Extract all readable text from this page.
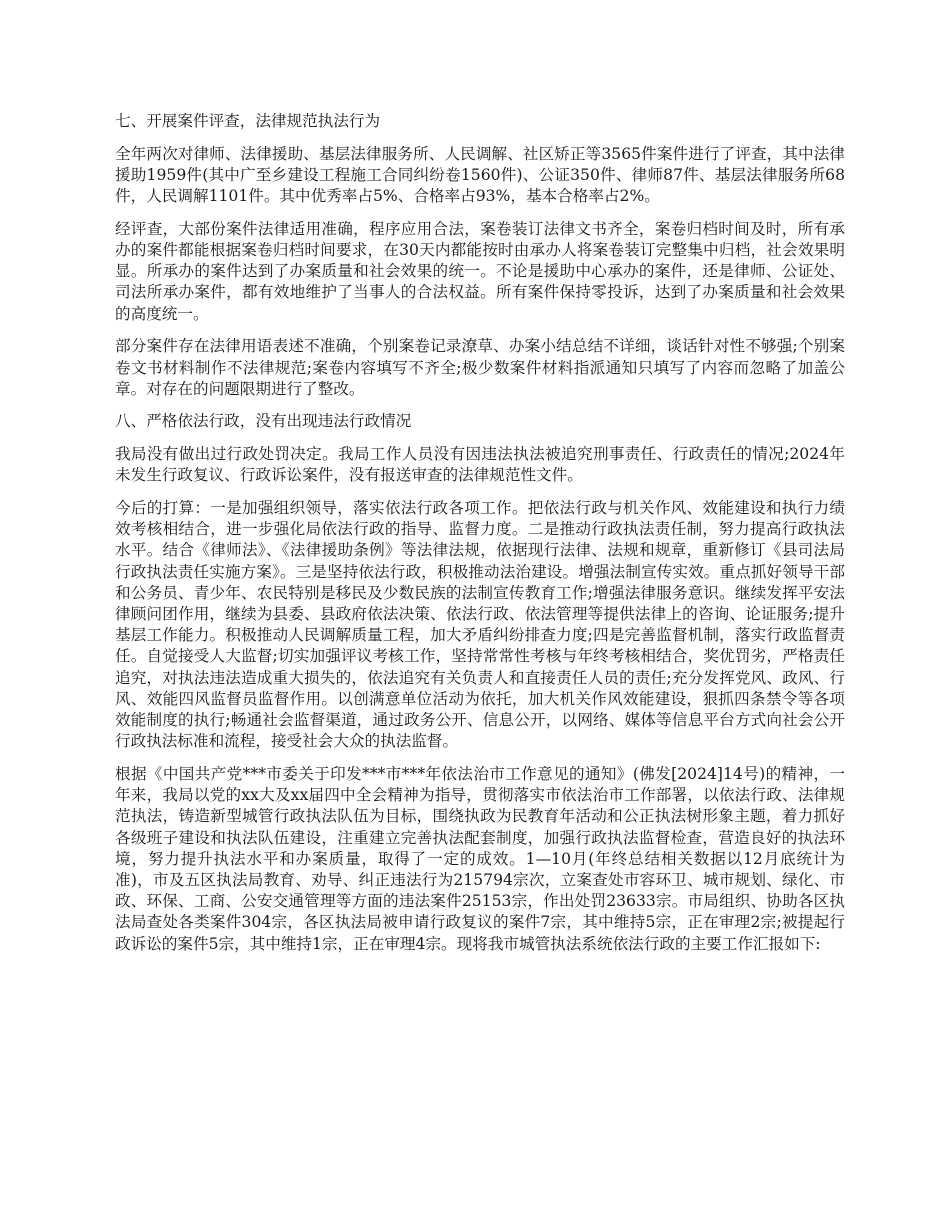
七、开展案件评查，法律规范执法行为
全年两次对律师、法律援助、基层法律服务所、人民调解、社区矫正等3565件案件进行了评查，其中法律援助1959件(其中广至乡建设工程施工合同纠纷卷1560件)、公证350件、律师87件、基层法律服务所68件，人民调解1101件。其中优秀率占5%、合格率占93%，基本合格率占2%。
经评查，大部份案件法律适用准确，程序应用合法，案卷装订法律文书齐全，案卷归档时间及时，所有承办的案件都能根据案卷归档时间要求，在30天内都能按时由承办人将案卷装订完整集中归档，社会效果明显。所承办的案件达到了办案质量和社会效果的统一。不论是援助中心承办的案件，还是律师、公证处、司法所承办案件，都有效地维护了当事人的合法权益。所有案件保持零投诉，达到了办案质量和社会效果的高度统一。
部分案件存在法律用语表述不准确，个别案卷记录潦草、办案小结总结不详细，谈话针对性不够强;个别案卷文书材料制作不法律规范;案卷内容填写不齐全;极少数案件材料指派通知只填写了内容而忽略了加盖公章。对存在的问题限期进行了整改。
八、严格依法行政，没有出现违法行政情况
我局没有做出过行政处罚决定。我局工作人员没有因违法执法被追究刑事责任、行政责任的情况;2024年未发生行政复议、行政诉讼案件，没有报送审查的法律规范性文件。
今后的打算：一是加强组织领导，落实依法行政各项工作。把依法行政与机关作风、效能建设和执行力绩效考核相结合，进一步强化局依法行政的指导、监督力度。二是推动行政执法责任制，努力提高行政执法水平。结合《律师法》、《法律援助条例》等法律法规，依据现行法律、法规和规章，重新修订《县司法局行政执法责任实施方案》。三是坚持依法行政，积极推动法治建设。增强法制宣传实效。重点抓好领导干部和公务员、青少年、农民特别是移民及少数民族的法制宣传教育工作;增强法律服务意识。继续发挥平安法律顾问团作用，继续为县委、县政府依法决策、依法行政、依法管理等提供法律上的咨询、论证服务;提升基层工作能力。积极推动人民调解质量工程，加大矛盾纠纷排查力度;四是完善监督机制，落实行政监督责任。自觉接受人大监督;切实加强评议考核工作，坚持常常性考核与年终考核相结合，奖优罚劣，严格责任追究，对执法违法造成重大损失的，依法追究有关负责人和直接责任人员的责任;充分发挥党风、政风、行风、效能四风监督员监督作用。以创满意单位活动为依托，加大机关作风效能建设，狠抓四条禁令等各项效能制度的执行;畅通社会监督渠道，通过政务公开、信息公开，以网络、媒体等信息平台方式向社会公开行政执法标准和流程，接受社会大众的执法监督。
根据《中国共产党***市委关于印发***市***年依法治市工作意见的通知》(佛发[2024]14号)的精神，一年来，我局以党的xx大及xx届四中全会精神为指导，贯彻落实市依法治市工作部署，以依法行政、法律规范执法，铸造新型城管行政执法队伍为目标，围绕执政为民教育年活动和公正执法树形象主题，着力抓好各级班子建设和执法队伍建设，注重建立完善执法配套制度，加强行政执法监督检查，营造良好的执法环境，努力提升执法水平和办案质量，取得了一定的成效。1—10月(年终总结相关数据以12月底统计为准)，市及五区执法局教育、劝导、纠正违法行为215794宗次，立案查处市容环卫、城市规划、绿化、市政、环保、工商、公安交通管理等方面的违法案件25153宗，作出处罚23633宗。市局组织、协助各区执法局查处各类案件304宗，各区执法局被申请行政复议的案件7宗，其中维持5宗，正在审理2宗;被提起行政诉讼的案件5宗，其中维持1宗，正在审理4宗。现将我市城管执法系统依法行政的主要工作汇报如下:
